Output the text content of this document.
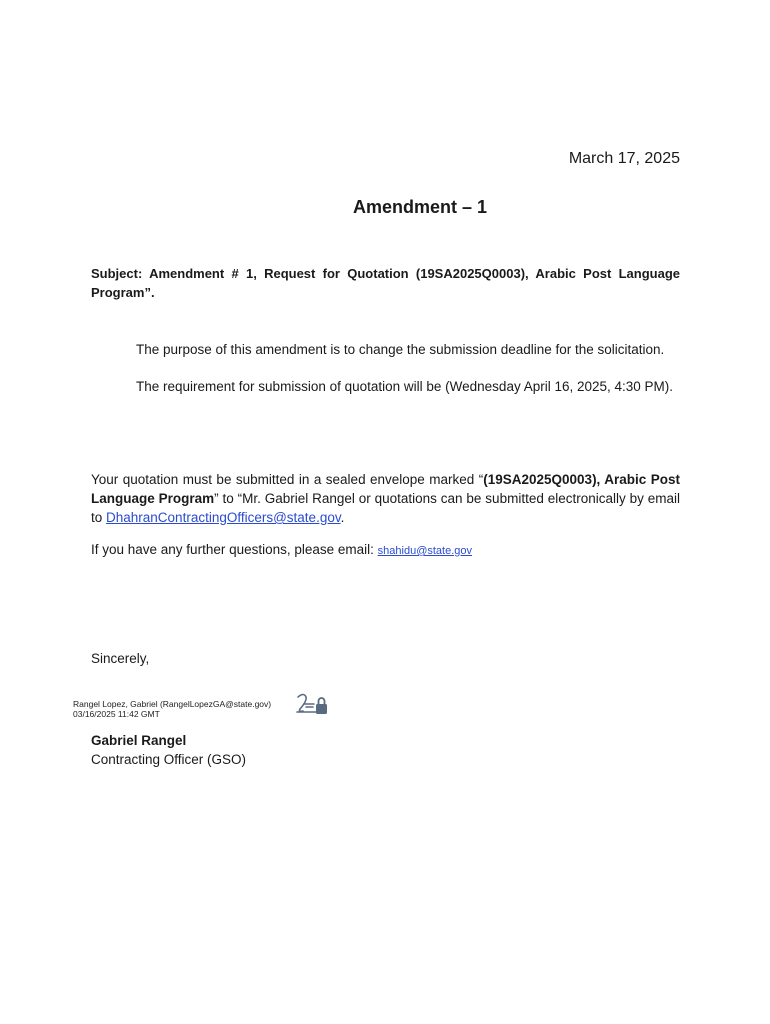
March 17, 2025
Amendment – 1
Subject: Amendment # 1, Request for Quotation (19SA2025Q0003), Arabic Post Language Program”.
The purpose of this amendment is to change the submission deadline for the solicitation.
The requirement for submission of quotation will be (Wednesday April 16, 2025, 4:30 PM).
Your quotation must be submitted in a sealed envelope marked “(19SA2025Q0003), Arabic Post Language Program” to “Mr. Gabriel Rangel or quotations can be submitted electronically by email to DhahranContractingOfficers@state.gov.
If you have any further questions, please email: shahidu@state.gov
Sincerely,
Rangel Lopez, Gabriel (RangelLopezGA@state.gov)
03/16/2025 11:42 GMT
Gabriel Rangel
Contracting Officer (GSO)
